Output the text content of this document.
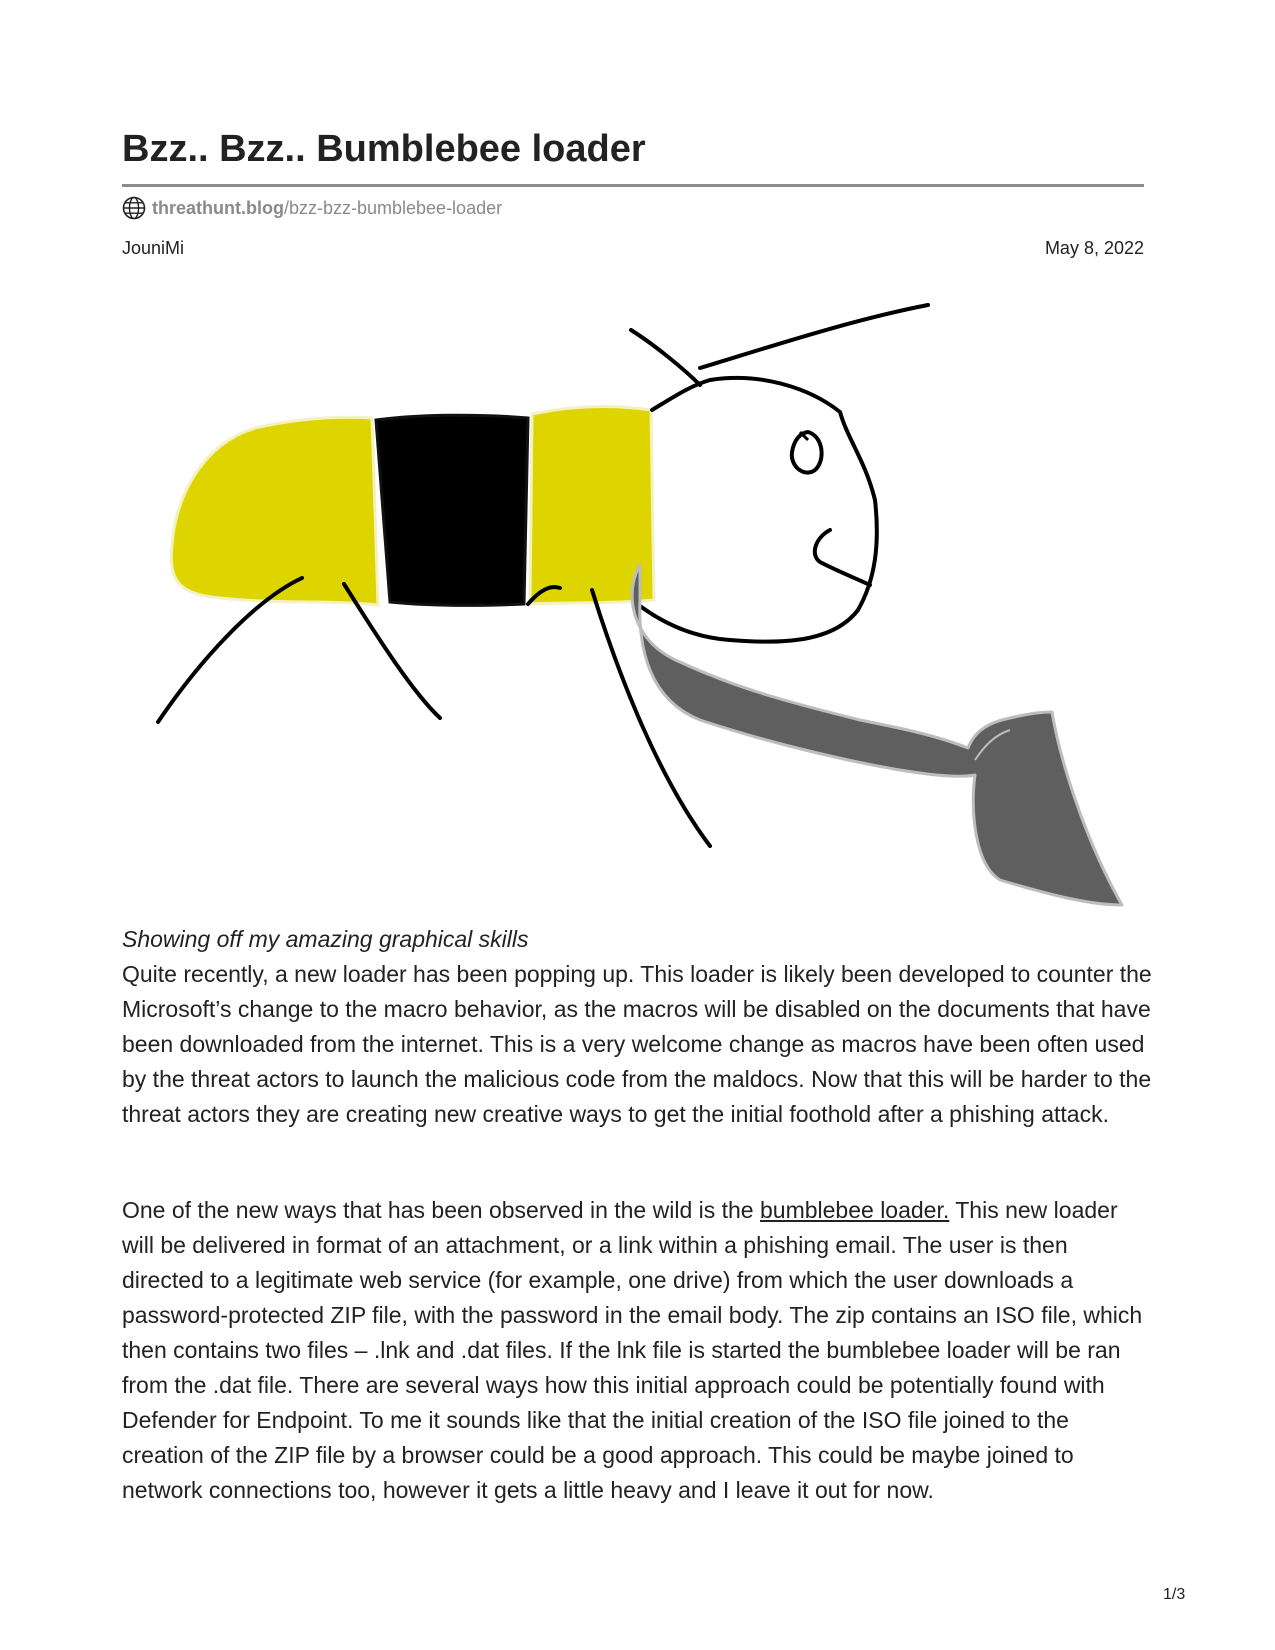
Bzz.. Bzz.. Bumblebee loader
threathunt.blog/bzz-bzz-bumblebee-loader
JouniMi	May 8, 2022
Showing off my amazing graphical skills

Quite recently, a new loader has been popping up. This loader is likely been developed to counter the Microsoft’s change to the macro behavior, as the macros will be disabled on the documents that have been downloaded from the internet. This is a very welcome change as macros have been often used by the threat actors to launch the malicious code from the maldocs. Now that this will be harder to the threat actors they are creating new creative ways to get the initial foothold after a phishing attack.

One of the new ways that has been observed in the wild is the bumblebee loader. This new loader will be delivered in format of an attachment, or a link within a phishing email. The user is then directed to a legitimate web service (for example, one drive) from which the user downloads a password-protected ZIP file, with the password in the email body. The zip contains an ISO file, which then contains two files – .lnk and .dat files. If the lnk file is started the bumblebee loader will be ran from the .dat file. There are several ways how this initial approach could be potentially found with Defender for Endpoint. To me it sounds like that the initial creation of the ISO file joined to the creation of the ZIP file by a browser could be a good approach. This could be maybe joined to network connections too, however it gets a little heavy and I leave it out for now.

1/3
